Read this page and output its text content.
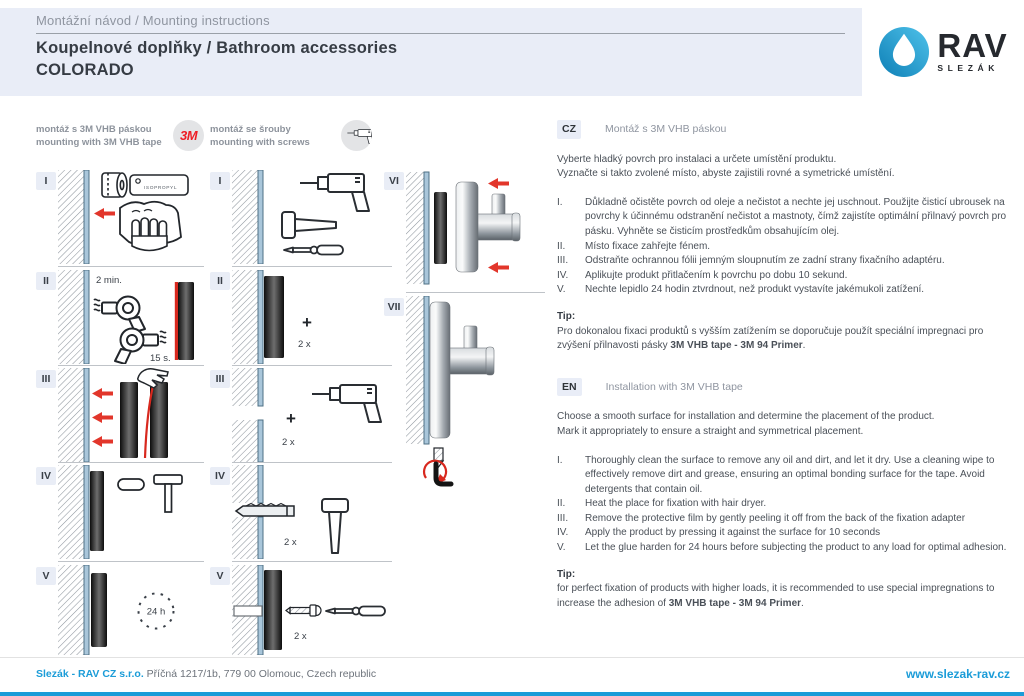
Montážní návod / Mounting instructions
Koupelnové doplňky / Bathroom accessories
COLORADO
RAV
SLEZÁK
montáž s 3M VHB páskou
mounting with 3M VHB tape	3M montáž se šrouby
mounting with screws
I
ISOPROPYL
II	2 min.
15 s.
III
IV
V
24 h
I
II
+
2 x
III
+
2 x
IV
2 x
V
2 x
VI
VII
CZ	Montáž s 3M VHB páskou
Vyberte hladký povrch pro instalaci a určete umístění produktu.
Vyznačte si takto zvolené místo, abyste zajistili rovné a symetrické umístění.
I.	Důkladně očistěte povrch od oleje a nečistot a nechte jej uschnout. Použijte čisticí ubrousek na povrchy k účinnému odstranění nečistot a mastnoty, čímž zajistíte optimální přilnavý povrch pro pásku. Vyhněte se čisticím prostředkům obsahujícím olej.
II.	Místo fixace zahřejte fénem.
III.	Odstraňte ochrannou fólii jemným sloupnutím ze zadní strany fixačního adaptéru.
IV.	Aplikujte produkt přitlačením k povrchu po dobu 10 sekund.
V.	Nechte lepidlo 24 hodin ztvrdnout, než produkt vystavíte jakémukoli zatížení.
Tip:
Pro dokonalou fixaci produktů s vyšším zatížením se doporučuje použít speciální impregnaci pro zvýšení přilnavosti pásky 3M VHB tape - 3M 94 Primer.
EN	Installation with 3M VHB tape
Choose a smooth surface for installation and determine the placement of the product.
Mark it appropriately to ensure a straight and symmetrical placement.
I.	Thoroughly clean the surface to remove any oil and dirt, and let it dry. Use a cleaning wipe to effectively remove dirt and grease, ensuring an optimal bonding surface for the tape. Avoid detergents that contain oil.
II.	Heat the place for fixation with hair dryer.
III.	Remove the protective film by gently peeling it off from the back of the fixation adapter
IV.	Apply the product by pressing it against the surface for 10 seconds
V.	Let the glue harden for 24 hours before subjecting the product to any load for optimal adhesion.
Tip:
for perfect fixation of products with higher loads, it is recommended to use special impregnations to increase the adhesion of 3M VHB tape - 3M 94 Primer.
Slezák - RAV CZ s.r.o. Příčná 1217/1b, 779 00 Olomouc, Czech republic	www.slezak-rav.cz
